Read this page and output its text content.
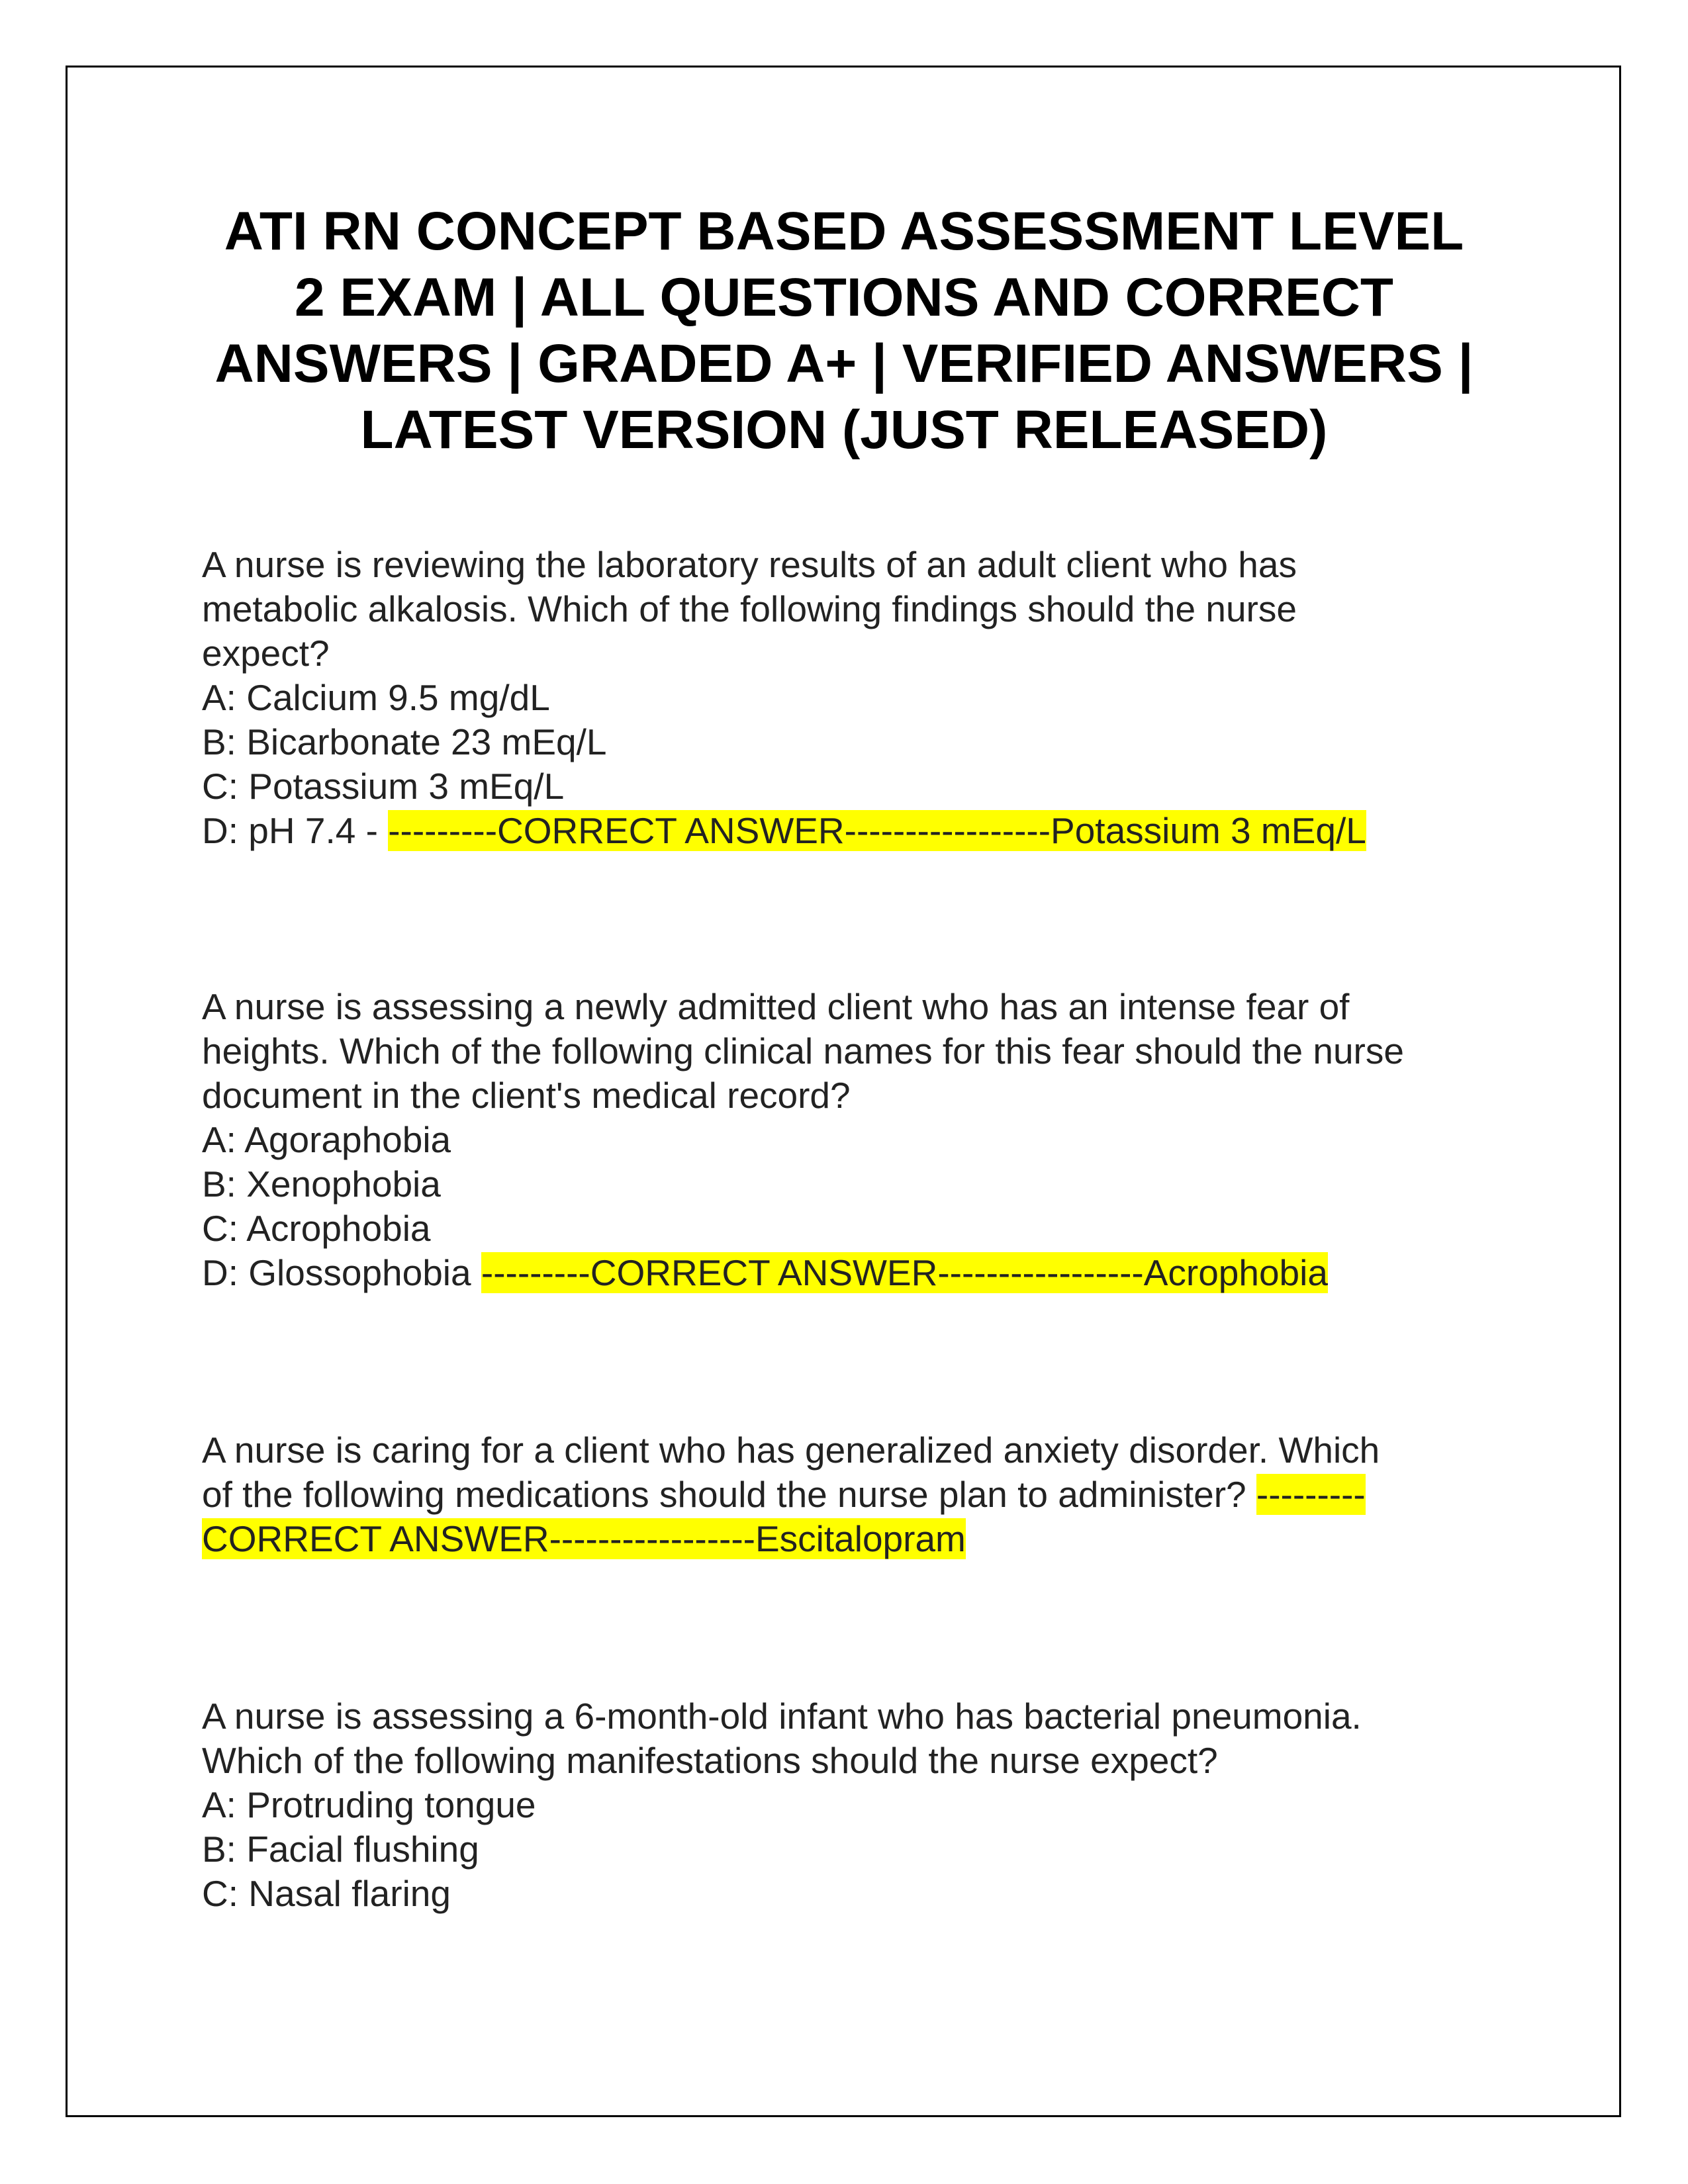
ATI RN CONCEPT BASED ASSESSMENT LEVEL
2 EXAM | ALL QUESTIONS AND CORRECT
ANSWERS | GRADED A+ | VERIFIED ANSWERS |
LATEST VERSION (JUST RELEASED)
A nurse is reviewing the laboratory results of an adult client who has
metabolic alkalosis. Which of the following findings should the nurse
expect?
A: Calcium 9.5 mg/dL
B: Bicarbonate 23 mEq/L
C: Potassium 3 mEq/L
D: pH 7.4 - ---------CORRECT ANSWER-----------------Potassium 3 mEq/L
A nurse is assessing a newly admitted client who has an intense fear of
heights. Which of the following clinical names for this fear should the nurse
document in the client's medical record?
A: Agoraphobia
B: Xenophobia
C: Acrophobia
D: Glossophobia ---------CORRECT ANSWER-----------------Acrophobia
A nurse is caring for a client who has generalized anxiety disorder. Which
of the following medications should the nurse plan to administer? ---------
CORRECT ANSWER-----------------Escitalopram
A nurse is assessing a 6-month-old infant who has bacterial pneumonia.
Which of the following manifestations should the nurse expect?
A: Protruding tongue
B: Facial flushing
C: Nasal flaring
